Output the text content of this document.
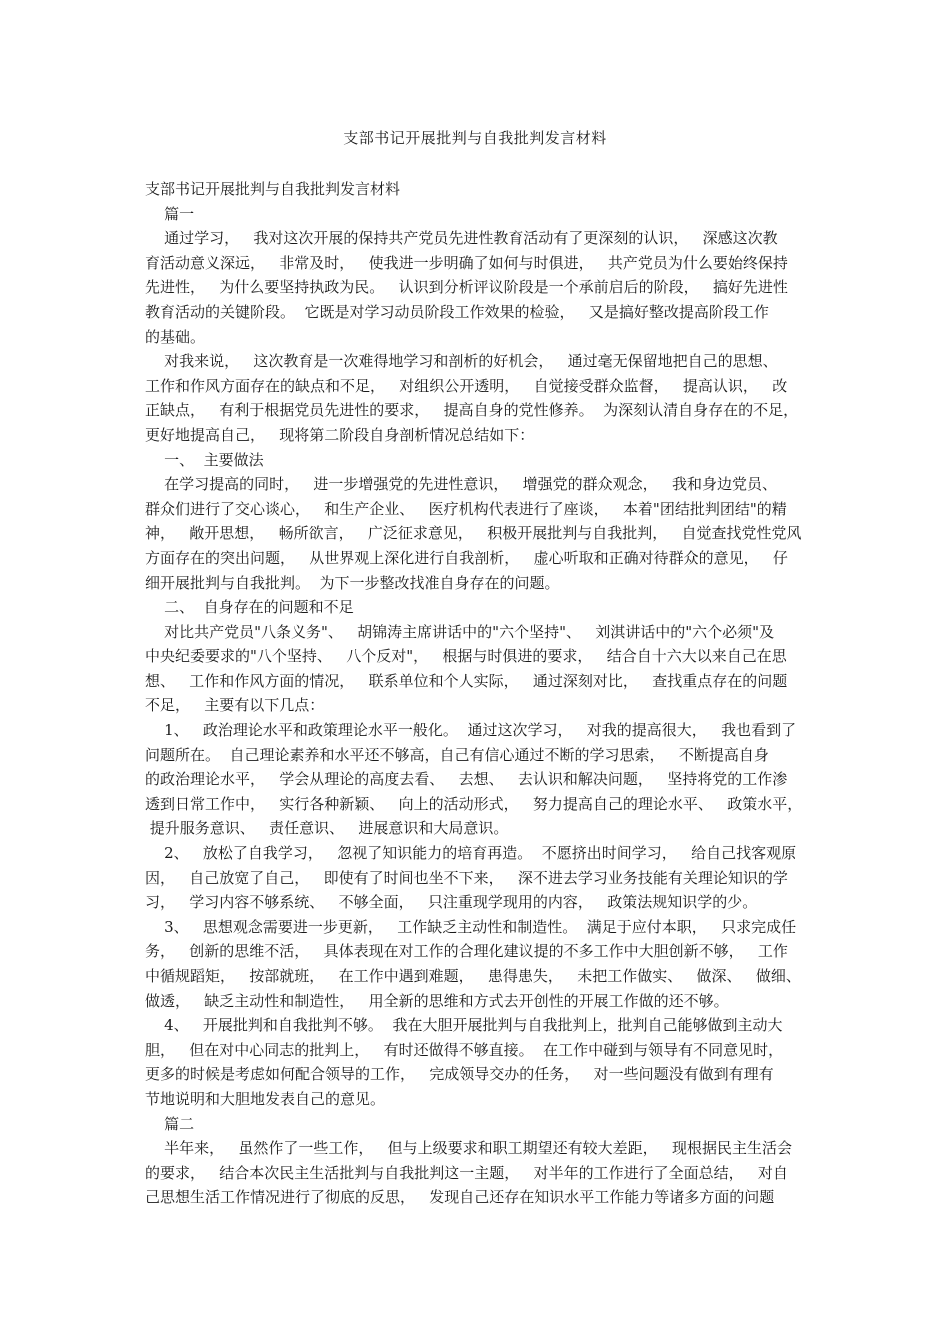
支部书记开展批判与自我批判发言材料
支部书记开展批判与自我批判发言材料
篇一
通过学习，   我对这次开展的保持共产党员先进性教育活动有了更深刻的认识，   深感这次教
育活动意义深远，   非常及时，   使我进一步明确了如何与时俱进，   共产党员为什么要始终保持
先进性，   为什么要坚持执政为民。   认识到分析评议阶段是一个承前启后的阶段，   搞好先进性
教育活动的关键阶段。  它既是对学习动员阶段工作效果的检验，   又是搞好整改提高阶段工作
的基础。
对我来说，   这次教育是一次难得地学习和剖析的好机会，   通过毫无保留地把自己的思想、
工作和作风方面存在的缺点和不足，   对组织公开透明，   自觉接受群众监督，   提高认识，   改
正缺点，   有利于根据党员先进性的要求，   提高自身的党性修养。  为深刻认清自身存在的不足，
更好地提高自己，   现将第二阶段自身剖析情况总结如下：
一、  主要做法
在学习提高的同时，   进一步增强党的先进性意识，   增强党的群众观念，   我和身边党员、
群众们进行了交心谈心，   和生产企业、   医疗机构代表进行了座谈，   本着"团结批判团结"的精
神，   敞开思想，   畅所欲言，   广泛征求意见，   积极开展批判与自我批判，   自觉查找党性党风
方面存在的突出问题，   从世界观上深化进行自我剖析，   虚心听取和正确对待群众的意见，   仔
细开展批判与自我批判。  为下一步整改找准自身存在的问题。
二、  自身存在的问题和不足
对比共产党员"八条义务"、   胡锦涛主席讲话中的"六个坚持"、   刘淇讲话中的"六个必须"及
中央纪委要求的"八个坚持、   八个反对"，   根据与时俱进的要求，   结合自十六大以来自己在思
想、   工作和作风方面的情况，   联系单位和个人实际，   通过深刻对比，   查找重点存在的问题
不足，   主要有以下几点：
1、   政治理论水平和政策理论水平一般化。  通过这次学习，   对我的提高很大，   我也看到了
问题所在。  自己理论素养和水平还不够高，自己有信心通过不断的学习思索，   不断提高自身
的政治理论水平，   学会从理论的高度去看、   去想、   去认识和解决问题，   坚持将党的工作渗
透到日常工作中，   实行各种新颖、   向上的活动形式，   努力提高自己的理论水平、   政策水平，
提升服务意识、   责任意识、   进展意识和大局意识。
2、   放松了自我学习，   忽视了知识能力的培育再造。  不愿挤出时间学习，   给自己找客观原
因，   自己放宽了自己，   即使有了时间也坐不下来，   深不进去学习业务技能有关理论知识的学
习，   学习内容不够系统、   不够全面，   只注重现学现用的内容，   政策法规知识学的少。
3、   思想观念需要进一步更新，   工作缺乏主动性和制造性。  满足于应付本职，   只求完成任
务，   创新的思维不活，   具体表现在对工作的合理化建议提的不多工作中大胆创新不够，   工作
中循规蹈矩，   按部就班，   在工作中遇到难题，   患得患失，   未把工作做实、   做深、   做细、
做透，   缺乏主动性和制造性，   用全新的思维和方式去开创性的开展工作做的还不够。
4、   开展批判和自我批判不够。  我在大胆开展批判与自我批判上，批判自己能够做到主动大
胆，   但在对中心同志的批判上，   有时还做得不够直接。  在工作中碰到与领导有不同意见时，
更多的时候是考虑如何配合领导的工作，   完成领导交办的任务，   对一些问题没有做到有理有
节地说明和大胆地发表自己的意见。
篇二
半年来，   虽然作了一些工作，   但与上级要求和职工期望还有较大差距，   现根据民主生活会
的要求，   结合本次民主生活批判与自我批判这一主题，   对半年的工作进行了全面总结，   对自
己思想生活工作情况进行了彻底的反思，   发现自己还存在知识水平工作能力等诸多方面的问题
